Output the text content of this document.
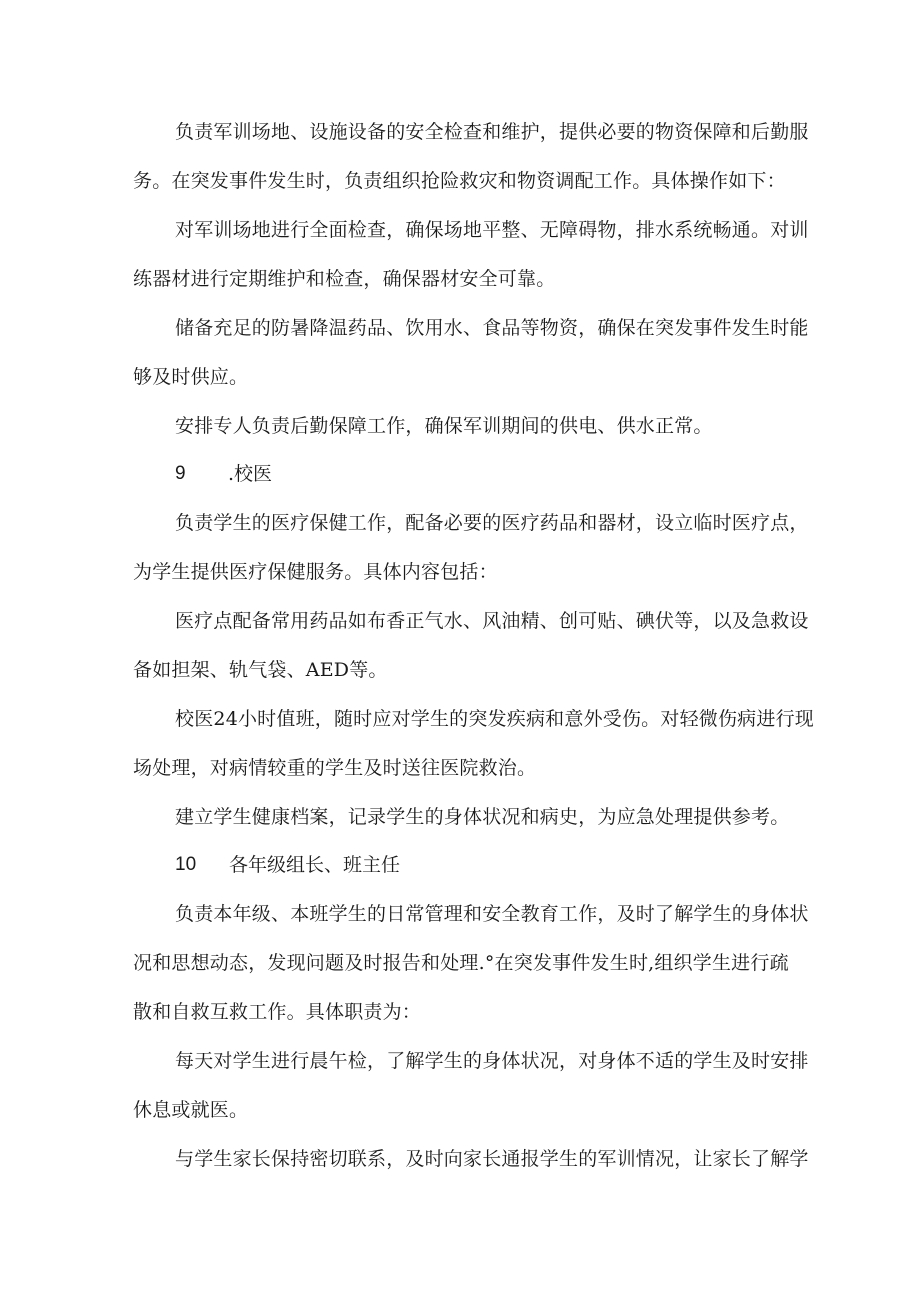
负责军训场地、设施设备的安全检查和维护，提供必要的物资保障和后勤服
务。在突发事件发生时，负责组织抢险救灾和物资调配工作。具体操作如下：
对军训场地进行全面检查，确保场地平整、无障碍物，排水系统畅通。对训
练器材进行定期维护和检查，确保器材安全可靠。
储备充足的防暑降温药品、饮用水、食品等物资，确保在突发事件发生时能
够及时供应。
安排专人负责后勤保障工作，确保军训期间的供电、供水正常。
9 .校医
负责学生的医疗保健工作，配备必要的医疗药品和器材，设立临时医疗点，
为学生提供医疗保健服务。具体内容包括：
医疗点配备常用药品如布香正气水、风油精、创可贴、碘伏等，以及急救设
备如担架、轨气袋、AED等。
校医24小时值班，随时应对学生的突发疾病和意外受伤。对轻微伤病进行现
场处理，对病情较重的学生及时送往医院救治。
建立学生健康档案，记录学生的身体状况和病史，为应急处理提供参考。
10 各年级组长、班主任
负责本年级、本班学生的日常管理和安全教育工作，及时了解学生的身体状
况和思想动态，发现问题及时报告和处理.°在突发事件发生时,组织学生进行疏
散和自救互救工作。具体职责为：
每天对学生进行晨午检，了解学生的身体状况，对身体不适的学生及时安排
休息或就医。
与学生家长保持密切联系，及时向家长通报学生的军训情况，让家长了解学
